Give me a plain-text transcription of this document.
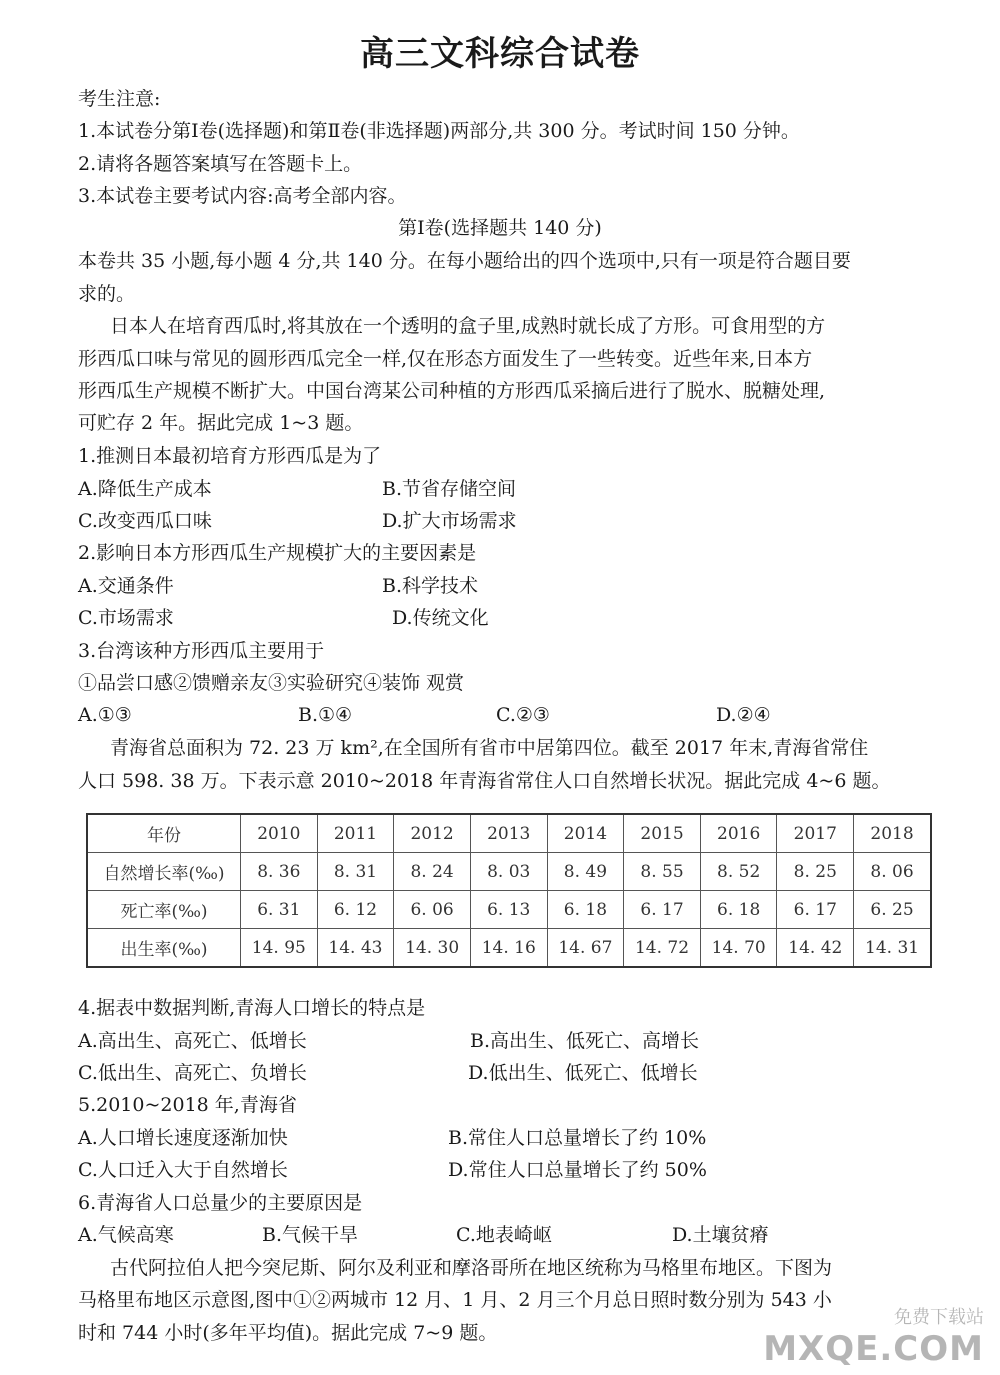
高三文科综合试卷
考生注意:
1.本试卷分第Ⅰ卷(选择题)和第Ⅱ卷(非选择题)两部分,共 300 分。考试时间 150 分钟。
2.请将各题答案填写在答题卡上。
3.本试卷主要考试内容:高考全部内容。
第Ⅰ卷(选择题共 140 分)
本卷共 35 小题,每小题 4 分,共 140 分。在每小题给出的四个选项中,只有一项是符合题目要
求的。
日本人在培育西瓜时,将其放在一个透明的盒子里,成熟时就长成了方形。可食用型的方
形西瓜口味与常见的圆形西瓜完全一样,仅在形态方面发生了一些转变。近些年来,日本方
形西瓜生产规模不断扩大。中国台湾某公司种植的方形西瓜采摘后进行了脱水、脱糖处理,
可贮存 2 年。据此完成 1~3 题。
1.推测日本最初培育方形西瓜是为了
A.降低生产成本	B.节省存储空间
C.改变西瓜口味	D.扩大市场需求
2.影响日本方形西瓜生产规模扩大的主要因素是
A.交通条件	B.科学技术
C.市场需求	D.传统文化
3.台湾该种方形西瓜主要用于
①品尝口感②馈赠亲友③实验研究④装饰 观赏
A.①③	B.①④	C.②③	D.②④
青海省总面积为 72. 23 万 km²,在全国所有省市中居第四位。截至 2017 年末,青海省常住
人口 598. 38 万。下表示意 2010~2018 年青海省常住人口自然增长状况。据此完成 4~6 题。
年份	2010	2011	2012	2013	2014	2015	2016	2017	2018
自然增长率(‰)	8. 36	8. 31	8. 24	8. 03	8. 49	8. 55	8. 52	8. 25	8. 06
死亡率(‰)	6. 31	6. 12	6. 06	6. 13	6. 18	6. 17	6. 18	6. 17	6. 25
出生率(‰)	14. 95	14. 43	14. 30	14. 16	14. 67	14. 72	14. 70	14. 42	14. 31
4.据表中数据判断,青海人口增长的特点是
A.高出生、高死亡、低增长	B.高出生、低死亡、高增长
C.低出生、高死亡、负增长	D.低出生、低死亡、低增长
5.2010~2018 年,青海省
A.人口增长速度逐渐加快	B.常住人口总量增长了约 10%
C.人口迁入大于自然增长	D.常住人口总量增长了约 50%
6.青海省人口总量少的主要原因是
A.气候高寒	B.气候干旱	C.地表崎岖	D.土壤贫瘠
古代阿拉伯人把今突尼斯、阿尔及利亚和摩洛哥所在地区统称为马格里布地区。下图为
马格里布地区示意图,图中①②两城市 12 月、1 月、2 月三个月总日照时数分别为 543 小
时和 744 小时(多年平均值)。据此完成 7~9 题。
免费下载站
MXQE.COM
